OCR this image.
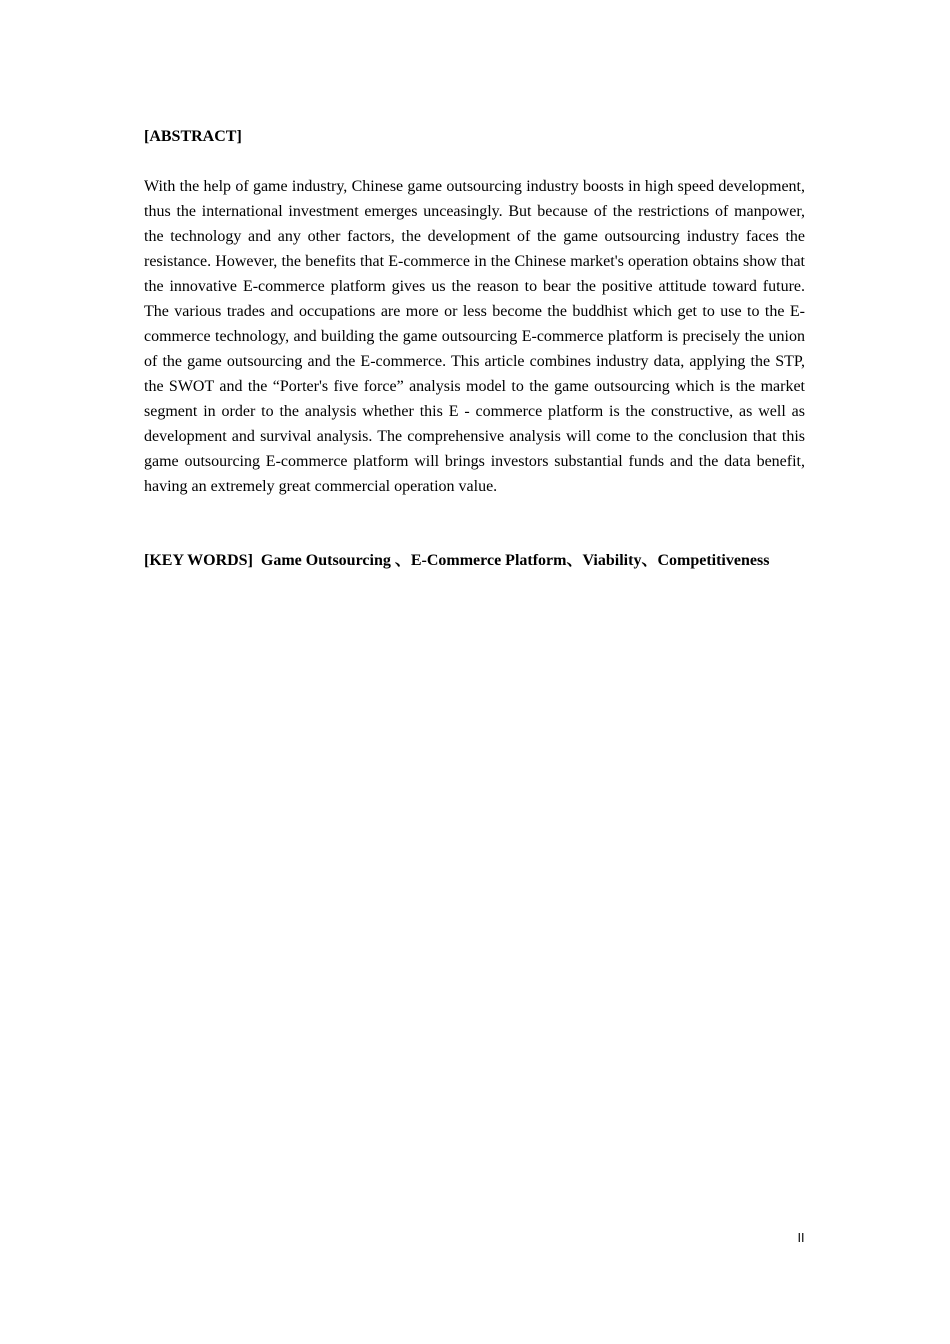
[ABSTRACT]

With the help of game industry, Chinese game outsourcing industry boosts in high speed development, thus the international investment emerges unceasingly. But because of the restrictions of manpower, the technology and any other factors, the development of the game outsourcing industry faces the resistance. However, the benefits that E-commerce in the Chinese market's operation obtains show that the innovative E-commerce platform gives us the reason to bear the positive attitude toward future. The various trades and occupations are more or less become the buddhist which get to use to the E-commerce technology, and building the game outsourcing E-commerce platform is precisely the union of the game outsourcing and the E-commerce. This article combines industry data, applying the STP, the SWOT and the “Porter's five force” analysis model to the game outsourcing which is the market segment in order to the analysis whether this E - commerce platform is the constructive, as well as development and survival analysis. The comprehensive analysis will come to the conclusion that this game outsourcing E-commerce platform will brings investors substantial funds and the data benefit, having an extremely great commercial operation value.

[KEY WORDS] Game Outsourcing 、E-Commerce Platform、Viability、Competitiveness
II
